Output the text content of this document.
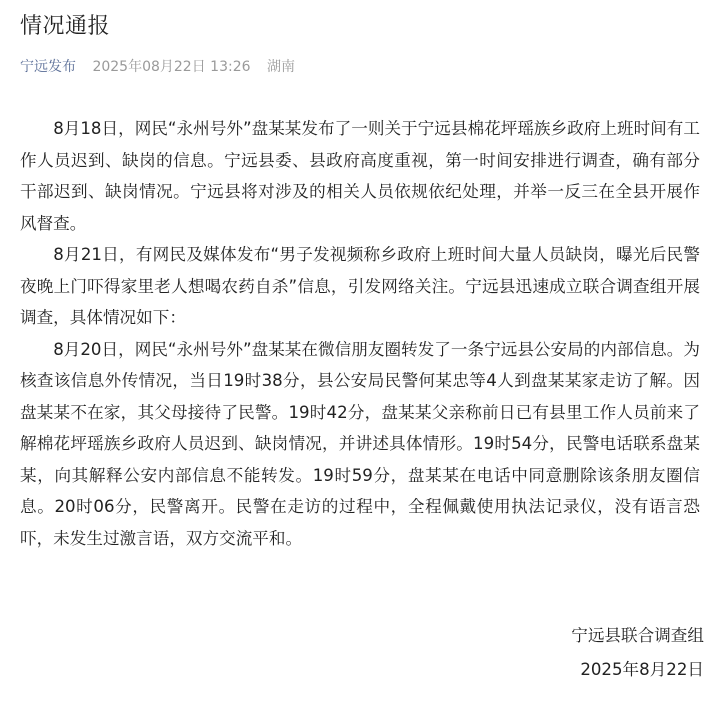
情况通报
宁远发布 2025年08月22日 13:26 湖南

8月18日，网民“永州号外”盘某某发布了一则关于宁远县棉花坪瑶族乡政府上班时间有工作人员迟到、缺岗的信息。宁远县委、县政府高度重视，第一时间安排进行调查，确有部分干部迟到、缺岗情况。宁远县将对涉及的相关人员依规依纪处理，并举一反三在全县开展作风督查。

8月21日，有网民及媒体发布“男子发视频称乡政府上班时间大量人员缺岗，曝光后民警夜晚上门吓得家里老人想喝农药自杀”信息，引发网络关注。宁远县迅速成立联合调查组开展调查，具体情况如下：

8月20日，网民“永州号外”盘某某在微信朋友圈转发了一条宁远县公安局的内部信息。为核查该信息外传情况，当日19时38分，县公安局民警何某忠等4人到盘某某家走访了解。因盘某某不在家，其父母接待了民警。19时42分，盘某某父亲称前日已有县里工作人员前来了解棉花坪瑶族乡政府人员迟到、缺岗情况，并讲述具体情形。19时54分，民警电话联系盘某某，向其解释公安内部信息不能转发。19时59分，盘某某在电话中同意删除该条朋友圈信息。20时06分，民警离开。民警在走访的过程中，全程佩戴使用执法记录仪，没有语言恐吓，未发生过激言语，双方交流平和。

宁远县联合调查组
2025年8月22日
